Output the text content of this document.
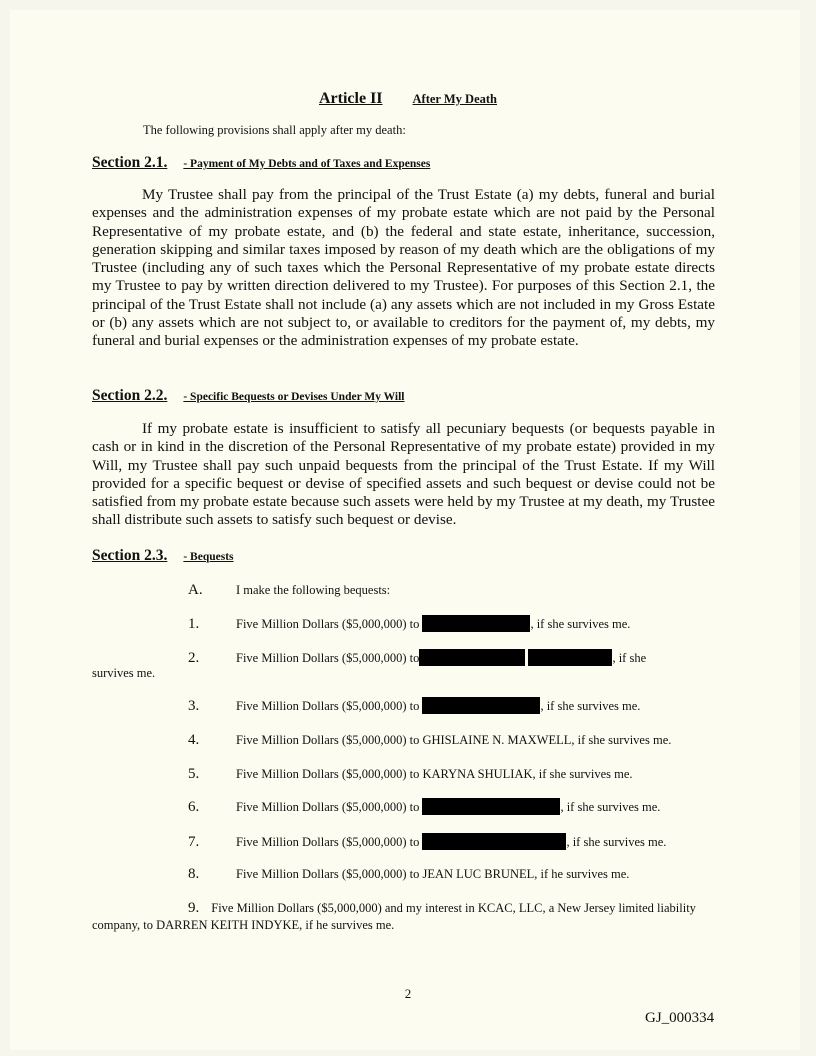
Article II After My Death
The following provisions shall apply after my death:
Section 2.1. - Payment of My Debts and of Taxes and Expenses
My Trustee shall pay from the principal of the Trust Estate (a) my debts, funeral and burial expenses and the administration expenses of my probate estate which are not paid by the Personal Representative of my probate estate, and (b) the federal and state estate, inheritance, succession, generation skipping and similar taxes imposed by reason of my death which are the obligations of my Trustee (including any of such taxes which the Personal Representative of my probate estate directs my Trustee to pay by written direction delivered to my Trustee). For purposes of this Section 2.1, the principal of the Trust Estate shall not include (a) any assets which are not included in my Gross Estate or (b) any assets which are not subject to, or available to creditors for the payment of, my debts, my funeral and burial expenses or the administration expenses of my probate estate.
Section 2.2. - Specific Bequests or Devises Under My Will
If my probate estate is insufficient to satisfy all pecuniary bequests (or bequests payable in cash or in kind in the discretion of the Personal Representative of my probate estate) provided in my Will, my Trustee shall pay such unpaid bequests from the principal of the Trust Estate. If my Will provided for a specific bequest or devise of specified assets and such bequest or devise could not be satisfied from my probate estate because such assets were held by my Trustee at my death, my Trustee shall distribute such assets to satisfy such bequest or devise.
Section 2.3. - Bequests
A.	I make the following bequests:
1.	Five Million Dollars ($5,000,000) to	, if she survives me.
2.	Five Million Dollars ($5,000,000) to	, if she
survives me.
3.	Five Million Dollars ($5,000,000) to	, if she survives me.
4.	Five Million Dollars ($5,000,000) to GHISLAINE N. MAXWELL, if she survives me.
5.	Five Million Dollars ($5,000,000) to KARYNA SHULIAK, if she survives me.
6.	Five Million Dollars ($5,000,000) to	, if she survives me.
7.	Five Million Dollars ($5,000,000) to	, if she survives me.
8.	Five Million Dollars ($5,000,000) to JEAN LUC BRUNEL, if he survives me.
9. Five Million Dollars ($5,000,000) and my interest in KCAC, LLC, a New Jersey limited liability company, to DARREN KEITH INDYKE, if he survives me.
2
GJ_000334
